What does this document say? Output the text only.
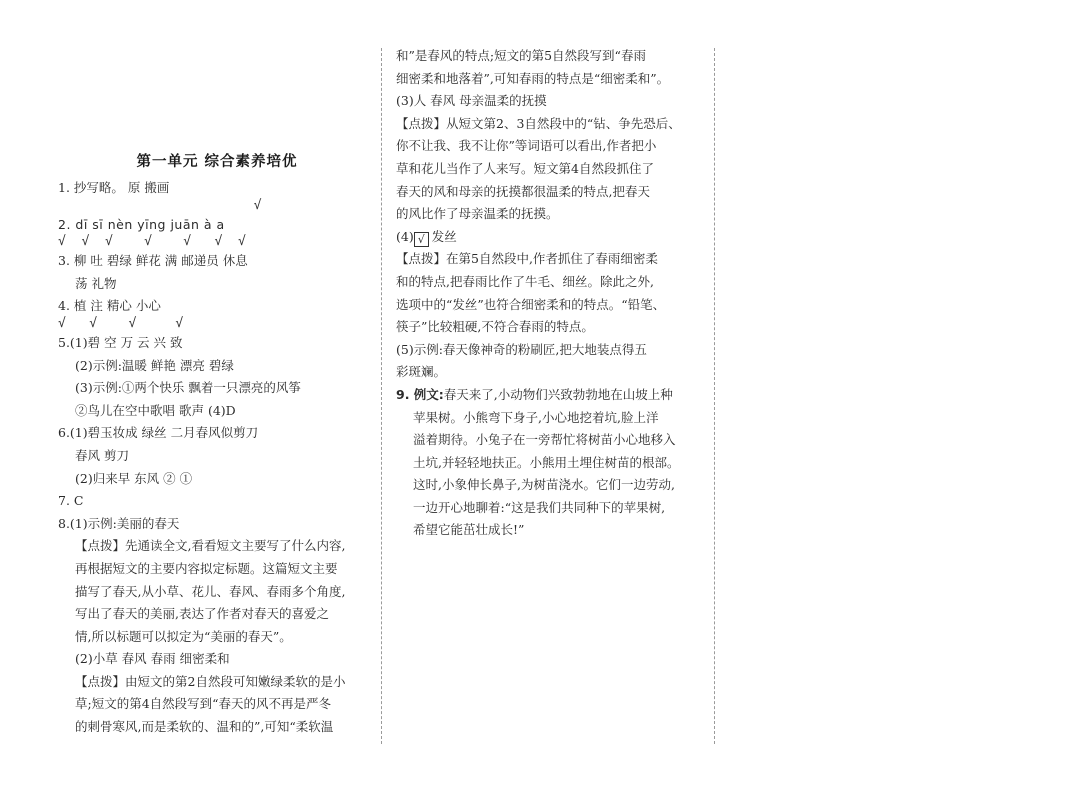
第一单元 综合素养培优
1. 抄写略。 原 搬画
√
2. dī sī nèn yīng juān à a
√  √  √    √    √   √  √
3. 柳 吐 碧绿 鲜花 满 邮递员 休息
荡 礼物
4. 植 注 精心 小心
√   √    √     √
5.(1)碧 空 万 云 兴 致
(2)示例:温暖 鲜艳 漂亮 碧绿
(3)示例:①两个快乐 飘着一只漂亮的风筝
②鸟儿在空中歌唱 歌声 (4)D
6.(1)碧玉妆成 绿丝 二月春风似剪刀
春风 剪刀
(2)归来早 东风 ② ①
7. C
8.(1)示例:美丽的春天
【点拨】先通读全文,看看短文主要写了什么内容,
再根据短文的主要内容拟定标题。这篇短文主要
描写了春天,从小草、花儿、春风、春雨多个角度,
写出了春天的美丽,表达了作者对春天的喜爱之
情,所以标题可以拟定为“美丽的春天”。
(2)小草 春风 春雨 细密柔和
【点拨】由短文的第2自然段可知嫩绿柔软的是小
草;短文的第4自然段写到“春天的风不再是严冬
的刺骨寒风,而是柔软的、温和的”,可知“柔软温
和”是春风的特点;短文的第5自然段写到“春雨
细密柔和地落着”,可知春雨的特点是“细密柔和”。
(3)人 春风 母亲温柔的抚摸
【点拨】从短文第2、3自然段中的“钻、争先恐后、
你不让我、我不让你”等词语可以看出,作者把小
草和花儿当作了人来写。短文第4自然段抓住了
春天的风和母亲的抚摸都很温柔的特点,把春天
的风比作了母亲温柔的抚摸。
(4) √ 发丝
【点拨】在第5自然段中,作者抓住了春雨细密柔
和的特点,把春雨比作了牛毛、细丝。除此之外,
选项中的“发丝”也符合细密柔和的特点。“铅笔、
筷子”比较粗硬,不符合春雨的特点。
(5)示例:春天像神奇的粉刷匠,把大地装点得五
彩斑斓。
9. 例文:春天来了,小动物们兴致勃勃地在山坡上种
苹果树。小熊弯下身子,小心地挖着坑,脸上洋
溢着期待。小兔子在一旁帮忙将树苗小心地移入
土坑,并轻轻地扶正。小熊用土埋住树苗的根部。
这时,小象伸长鼻子,为树苗浇水。它们一边劳动,
一边开心地聊着:“这是我们共同种下的苹果树,
希望它能茁壮成长!”
